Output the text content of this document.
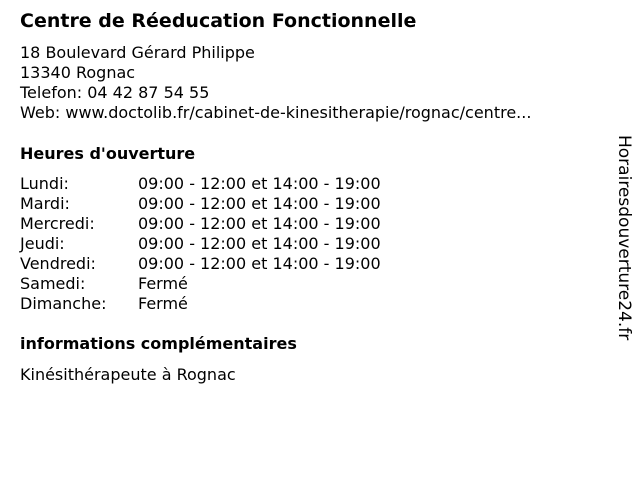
Centre de Réeducation Fonctionnelle
18 Boulevard Gérard Philippe
13340 Rognac
Telefon: 04 42 87 54 55
Web: www.doctolib.fr/cabinet-de-kinesitherapie/rognac/centre...
Heures d'ouverture
Lundi:	09:00 - 12:00 et 14:00 - 19:00
Mardi:	09:00 - 12:00 et 14:00 - 19:00
Mercredi:	09:00 - 12:00 et 14:00 - 19:00
Jeudi:	09:00 - 12:00 et 14:00 - 19:00
Vendredi:	09:00 - 12:00 et 14:00 - 19:00
Samedi:	Fermé
Dimanche: Fermé
informations complémentaires
Kinésithérapeute à Rognac
Horairesdouverture24.fr
